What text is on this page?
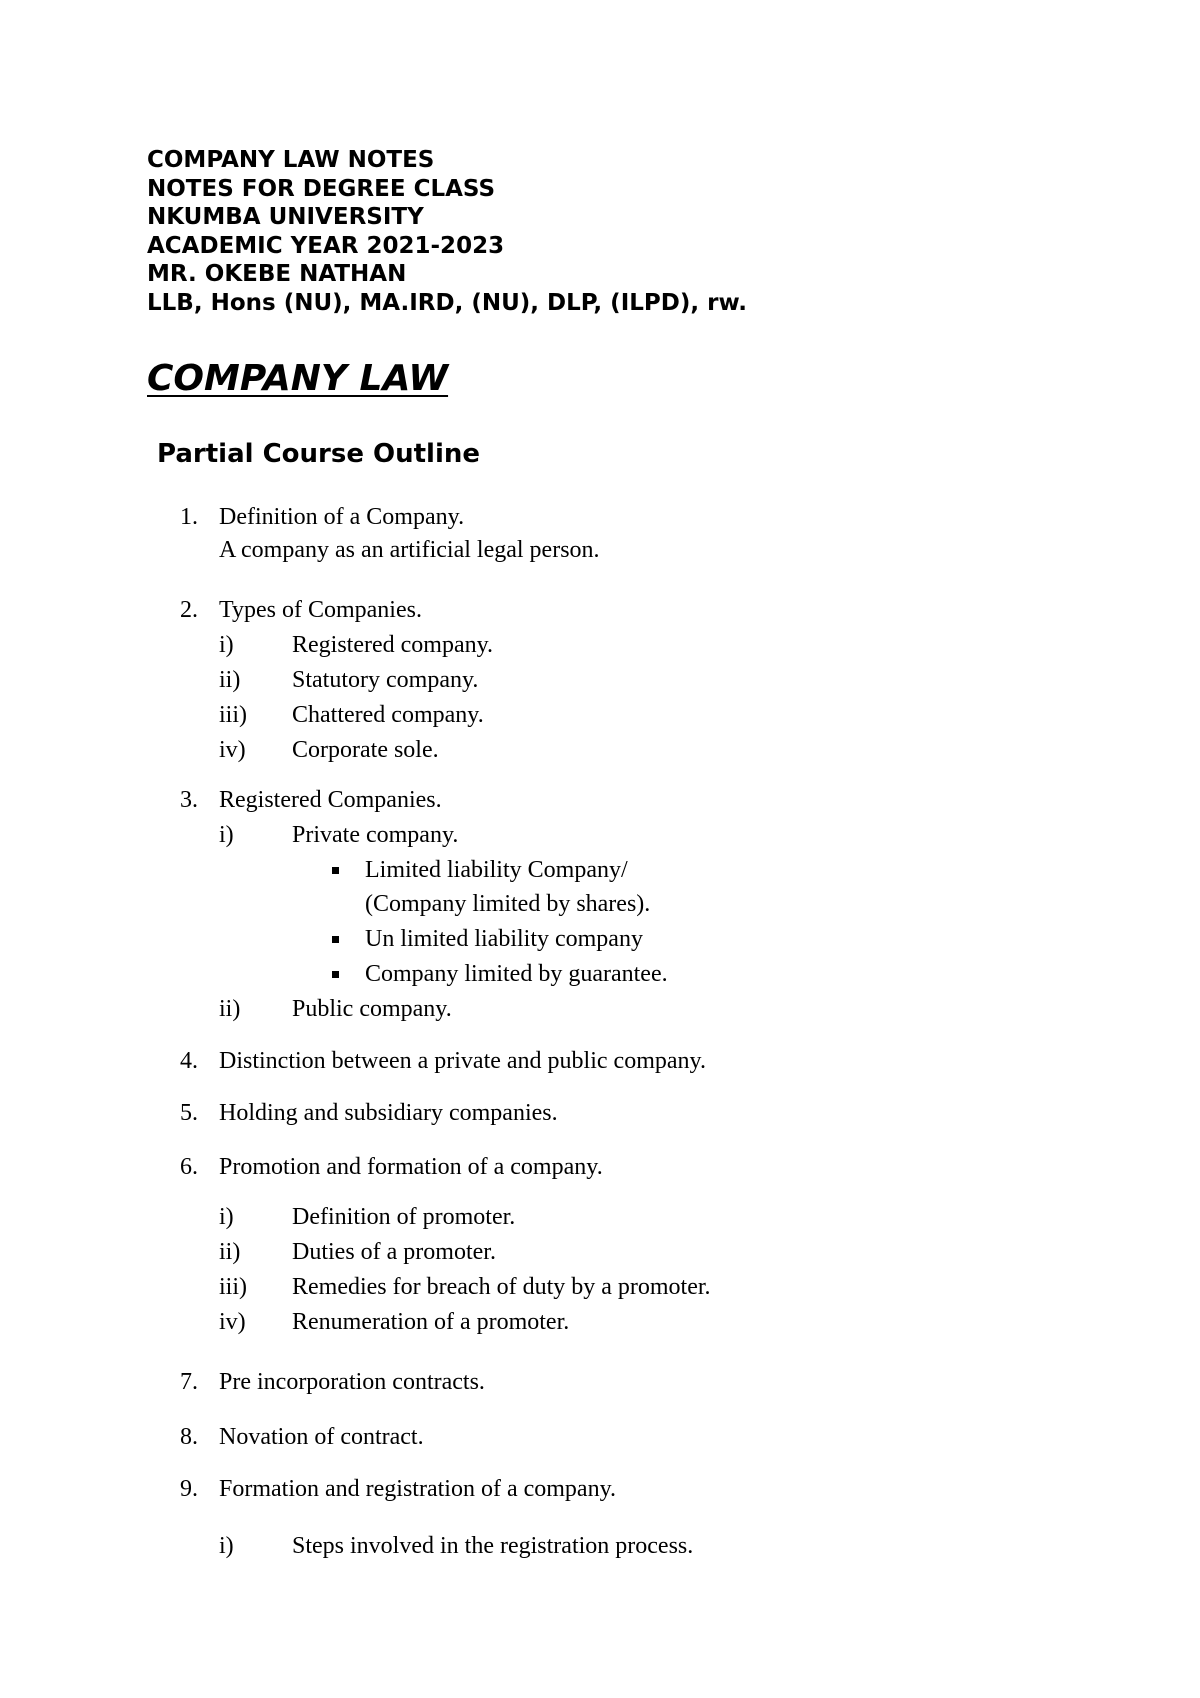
COMPANY LAW NOTES
NOTES FOR DEGREE CLASS
NKUMBA UNIVERSITY
ACADEMIC YEAR 2021-2023
MR. OKEBE NATHAN
LLB, Hons (NU), MA.IRD, (NU), DLP, (ILPD), rw.
COMPANY LAW
Partial Course Outline
1. Definition of a Company.
A company as an artificial legal person.
2. Types of Companies.
i) Registered company.
ii) Statutory company.
iii) Chattered company.
iv) Corporate sole.
3. Registered Companies.
i) Private company.
Limited liability Company/
(Company limited by shares).
Un limited liability company
Company limited by guarantee.
ii) Public company.
4. Distinction between a private and public company.
5. Holding and subsidiary companies.
6. Promotion and formation of a company.
i) Definition of promoter.
ii) Duties of a promoter.
iii) Remedies for breach of duty by a promoter.
iv) Renumeration of a promoter.
7. Pre incorporation contracts.
8. Novation of contract.
9. Formation and registration of a company.
i) Steps involved in the registration process.
